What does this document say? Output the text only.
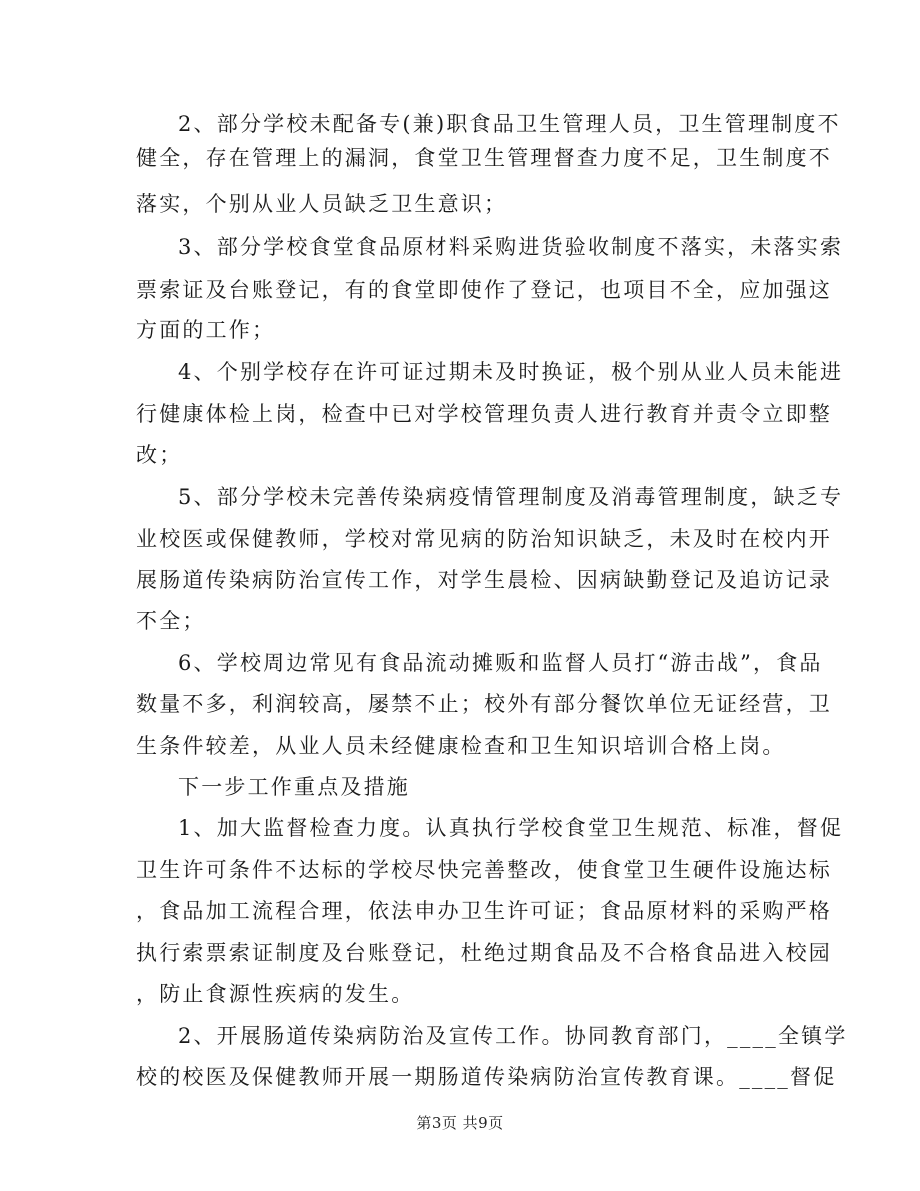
2、部分学校未配备专(兼)职食品卫生管理人员，卫生管理制度不
健全，存在管理上的漏洞，食堂卫生管理督查力度不足，卫生制度不
落实，个别从业人员缺乏卫生意识；
3、部分学校食堂食品原材料采购进货验收制度不落实，未落实索
票索证及台账登记，有的食堂即使作了登记，也项目不全，应加强这
方面的工作；
4、个别学校存在许可证过期未及时换证，极个别从业人员未能进
行健康体检上岗，检查中已对学校管理负责人进行教育并责令立即整
改；
5、部分学校未完善传染病疫情管理制度及消毒管理制度，缺乏专
业校医或保健教师，学校对常见病的防治知识缺乏，未及时在校内开
展肠道传染病防治宣传工作，对学生晨检、因病缺勤登记及追访记录
不全；
6、学校周边常见有食品流动摊贩和监督人员打“游击战”，食品
数量不多，利润较高，屡禁不止；校外有部分餐饮单位无证经营，卫
生条件较差，从业人员未经健康检查和卫生知识培训合格上岗。
下一步工作重点及措施
1、加大监督检查力度。认真执行学校食堂卫生规范、标准，督促
卫生许可条件不达标的学校尽快完善整改，使食堂卫生硬件设施达标
，食品加工流程合理，依法申办卫生许可证；食品原材料的采购严格
执行索票索证制度及台账登记，杜绝过期食品及不合格食品进入校园
，防止食源性疾病的发生。
2、开展肠道传染病防治及宣传工作。协同教育部门，____全镇学
校的校医及保健教师开展一期肠道传染病防治宣传教育课。____督促
第3页 共9页
